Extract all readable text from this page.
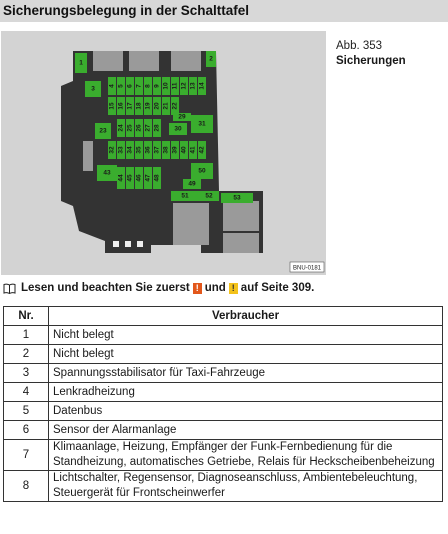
Sicherungsbelegung in der Schalttafel
1
2
3 4 5 6 7 8 9 10 11 12 13 14
15 16 17 18 19 20 21 22
23 24 25 26 27 28
29
30
31
32 33 34 35 36 37 38 39 40 41 42
43
44 45 46 47 48
49
50
51	52	53
BNU-0181
Abb. 353
Sicherungen
Lesen und beachten Sie zuerst ! und ! auf Seite 309.
Nr.	Verbraucher
1	Nicht belegt
2	Nicht belegt
3	Spannungsstabilisator für Taxi-Fahrzeuge
4	Lenkradheizung
5	Datenbus
6	Sensor der Alarmanlage
7	Klimaanlage, Heizung, Empfänger der Funk-Fernbedienung für die Standheizung, automatisches Getriebe, Relais für Heckscheibenbeheizung
8	Lichtschalter, Regensensor, Diagnoseanschluss, Ambientebeleuchtung, Steuergerät für Frontscheinwerfer
